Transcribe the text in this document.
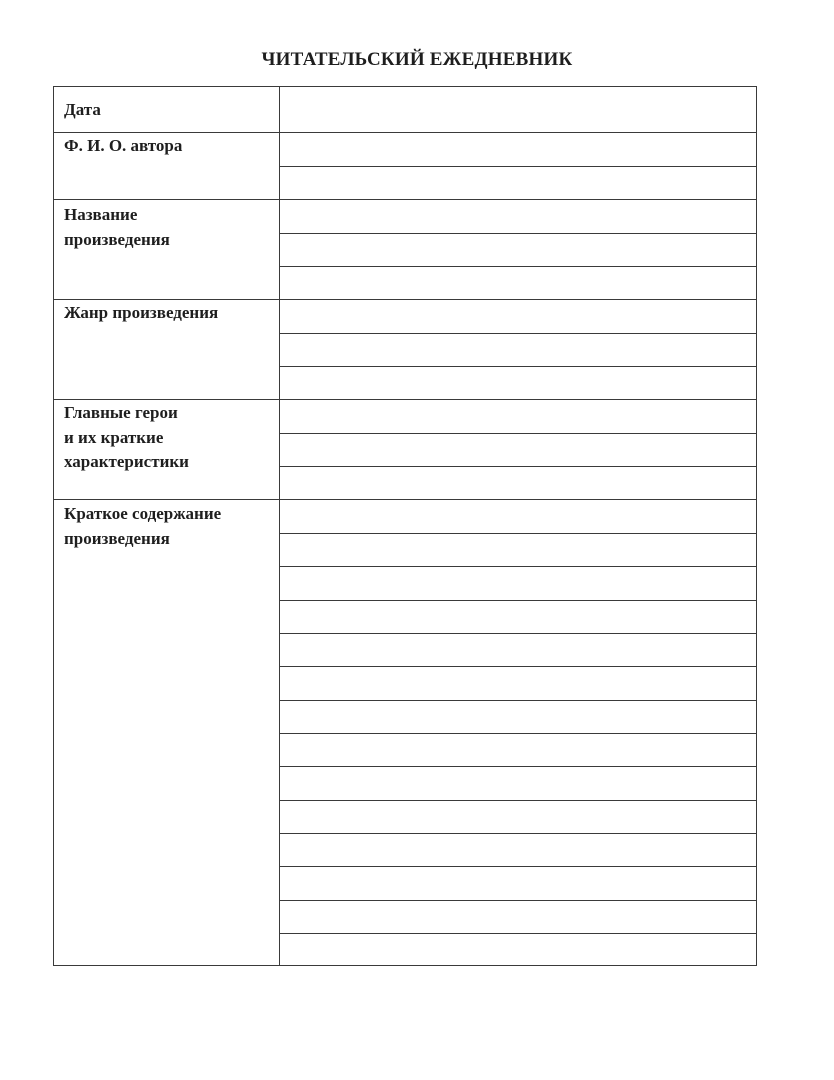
ЧИТАТЕЛЬСКИЙ ЕЖЕДНЕВНИК
Дата
Ф. И. О. автора
Название
произведения
Жанр произведения
Главные герои
и их краткие
характеристики
Краткое содержание
произведения
